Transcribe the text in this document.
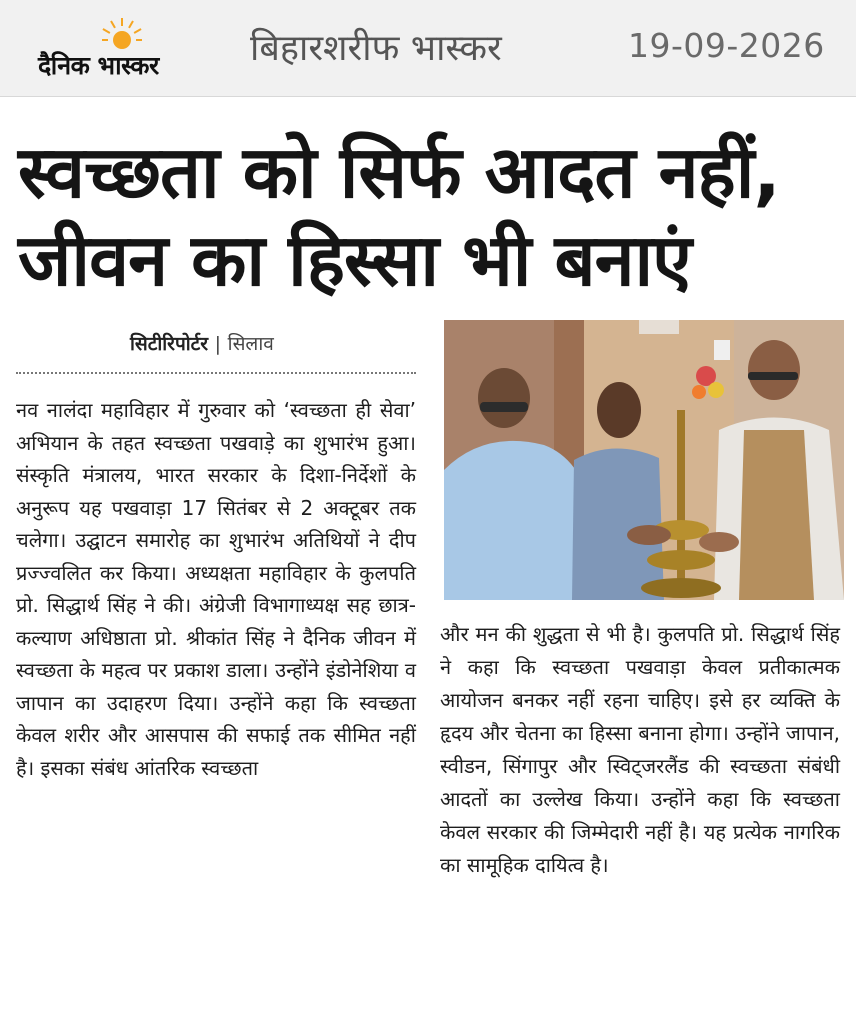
दैनिक भास्कर	बिहारशरीफ भास्कर	19-09-2026
स्वच्छता को सिर्फ आदत नहीं,
जीवन का हिस्सा भी बनाएं
सिटीरिपोर्टर | सिलाव
नव नालंदा महाविहार में गुरुवार को ‘स्वच्छता ही सेवा’ अभियान के तहत स्वच्छता पखवाड़े का शुभारंभ हुआ। संस्कृति मंत्रालय, भारत सरकार के दिशा-निर्देशों के अनुरूप यह पखवाड़ा 17 सितंबर से 2 अक्टूबर तक चलेगा। उद्घाटन समारोह का शुभारंभ अतिथियों ने दीप प्रज्ज्वलित कर किया। अध्यक्षता महाविहार के कुलपति प्रो. सिद्धार्थ सिंह ने की। अंग्रेजी विभागाध्यक्ष सह छात्र-कल्याण अधिष्ठाता प्रो. श्रीकांत सिंह ने दैनिक जीवन में स्वच्छता के महत्व पर प्रकाश डाला। उन्होंने इंडोनेशिया व जापान का उदाहरण दिया। उन्होंने कहा कि स्वच्छता केवल शरीर और आसपास की सफाई तक सीमित नहीं है। इसका संबंध आंतरिक स्वच्छता
और मन की शुद्धता से भी है। कुलपति प्रो. सिद्धार्थ सिंह ने कहा कि स्वच्छता पखवाड़ा केवल प्रतीकात्मक आयोजन बनकर नहीं रहना चाहिए। इसे हर व्यक्ति के हृदय और चेतना का हिस्सा बनाना होगा। उन्होंने जापान, स्वीडन, सिंगापुर और स्विट्जरलैंड की स्वच्छता संबंधी आदतों का उल्लेख किया। उन्होंने कहा कि स्वच्छता केवल सरकार की जिम्मेदारी नहीं है। यह प्रत्येक नागरिक का सामूहिक दायित्व है।
